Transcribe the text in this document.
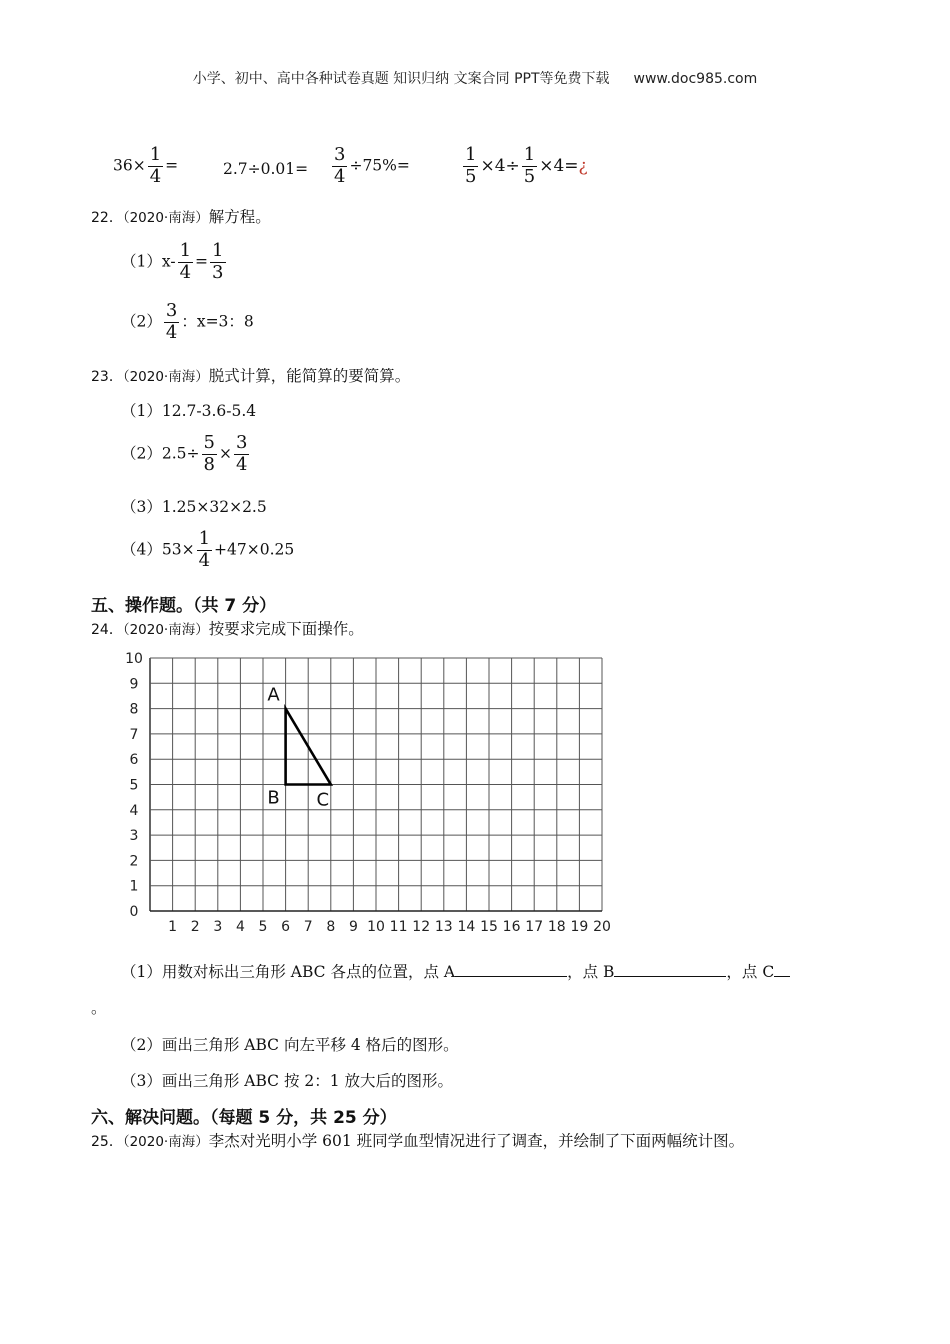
小学、初中、高中各种试卷真题 知识归纳 文案合同 PPT等免费下载 www.doc985.com
$36\times \frac{1}{4}$ =	$2.7\div 0.01= \frac{3}{4} \div 75\%=$	$\frac{1}{5} \times 4\div \frac{1}{5}$ ×4=¿
22．（2020·南海）解方程。
$(1)x- \frac{1}{4} = \frac{1}{3}$
$(2) \frac{3}{4}$ ：x=3：8
23．（2020·南海）脱式计算，能简算的要简算。
（1）12.7-3.6-5.4
$(2)2.5\div \frac{5}{8} \times \frac{3}{4}$
（3）1.25×32×2.5
$(4)53\times \frac{1}{4} +47\times 0.25$
五、操作题。（共 7 分）
24．（2020·南海）按要求完成下面操作。
1 2 3 4 5 6 7 8 9 10 11 12 13 14 15 16 17 18 19 20
0
1
2
3
4
5
6
7
8
9
10
A
B C
（1）用数对标出三角形 ABC 各点的位置，点 A	，点 B	，点 C
。
（2）画出三角形 ABC 向左平移 4 格后的图形。
（3）画出三角形 ABC 按 2：1 放大后的图形。
六、解决问题。（每题 5 分，共 25 分）
25．（2020·南海）李杰对光明小学 601 班同学血型情况进行了调查，并绘制了下面两幅统计图。
